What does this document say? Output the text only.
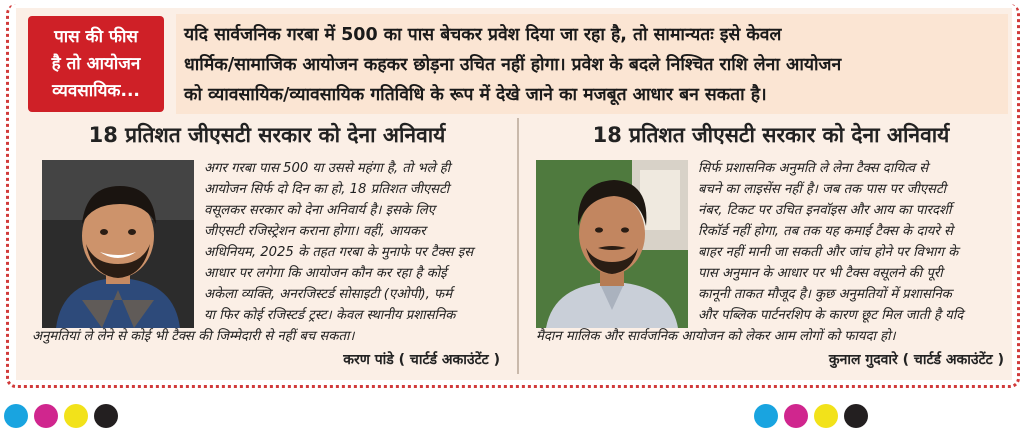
पास की फीस
है तो आयोजन
व्यवसायिक...
यदि सार्वजनिक गरबा में 500 का पास बेचकर प्रवेश दिया जा रहा है, तो सामान्यतः इसे केवल
धार्मिक/सामाजिक आयोजन कहकर छोड़ना उचित नहीं होगा। प्रवेश के बदले निश्चित राशि लेना आयोजन
को व्यावसायिक/व्यावसायिक गतिविधि के रूप में देखे जाने का मजबूत आधार बन सकता है।
18 प्रतिशत जीएसटी सरकार को देना अनिवार्य
अगर गरबा पास 500 या उससे महंगा है, तो भले ही
आयोजन सिर्फ दो दिन का हो, 18 प्रतिशत जीएसटी
वसूलकर सरकार को देना अनिवार्य है। इसके लिए
जीएसटी रजिस्ट्रेशन कराना होगा। वहीं, आयकर
अधिनियम, 2025 के तहत गरबा के मुनाफे पर टैक्स इस
आधार पर लगेगा कि आयोजन कौन कर रहा है कोई
अकेला व्यक्ति, अनरजिस्टर्ड सोसाइटी (एओपी), फर्म
या फिर कोई रजिस्टर्ड ट्रस्ट। केवल स्थानीय प्रशासनिक
अनुमतियां ले लेने से कोई भी टैक्स की जिम्मेदारी से नहीं बच सकता।
करण पांडे ( चार्टर्ड अकाउंटेंट )
18 प्रतिशत जीएसटी सरकार को देना अनिवार्य
सिर्फ प्रशासनिक अनुमति ले लेना टैक्स दायित्व से
बचने का लाइसेंस नहीं है। जब तक पास पर जीएसटी
नंबर, टिकट पर उचित इनवॉइस और आय का पारदर्शी
रिकॉर्ड नहीं होगा, तब तक यह कमाई टैक्स के दायरे से
बाहर नहीं मानी जा सकती और जांच होने पर विभाग के
पास अनुमान के आधार पर भी टैक्स वसूलने की पूरी
कानूनी ताकत मौजूद है। कुछ अनुमतियों में प्रशासनिक
और पब्लिक पार्टनरशिप के कारण छूट मिल जाती है यदि
मैदान मालिक और सार्वजनिक आयोजन को लेकर आम लोगों को फायदा हो।
कुनाल गुदवारे ( चार्टर्ड अकाउंटेंट )
